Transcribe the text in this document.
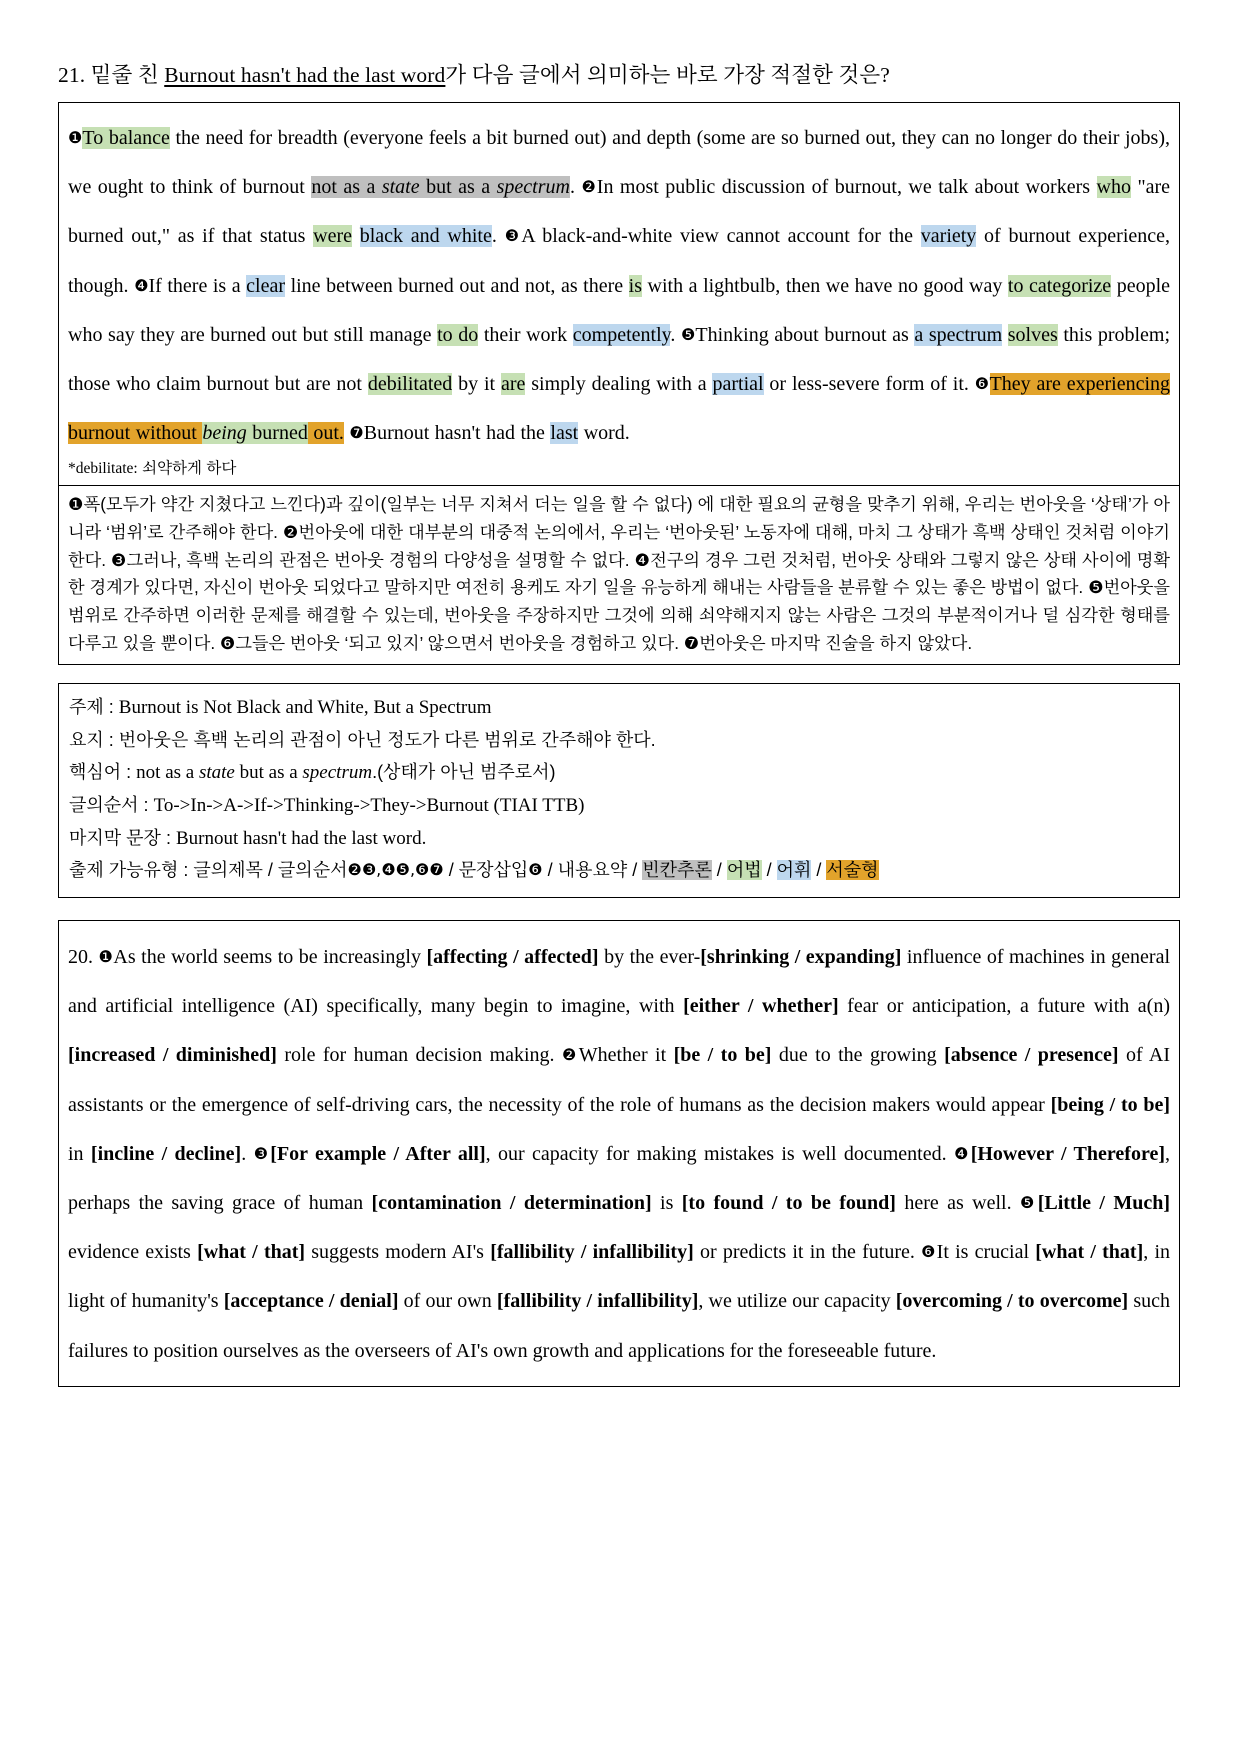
21. 밑줄 친 Burnout hasn't had the last word가 다음 글에서 의미하는 바로 가장 적절한 것은?
❶To balance the need for breadth (everyone feels a bit burned out) and depth (some are so burned out, they can no longer do their jobs), we ought to think of burnout not as a state but as a spectrum. ❷In most public discussion of burnout, we talk about workers who "are burned out," as if that status were black and white. ❸A black-and-white view cannot account for the variety of burnout experience, though. ❹If there is a clear line between burned out and not, as there is with a lightbulb, then we have no good way to categorize people who say they are burned out but still manage to do their work competently. ❺Thinking about burnout as a spectrum solves this problem; those who claim burnout but are not debilitated by it are simply dealing with a partial or less-severe form of it. ❻They are experiencing burnout without being burned out. ❼Burnout hasn't had the last word.
*debilitate: 쇠약하게 하다

❶폭(모두가 약간 지쳤다고 느낀다)과 깊이(일부는 너무 지쳐서 더는 일을 할 수 없다) 에 대한 필요의 균형을 맞추기 위해, 우리는 번아웃을 ‘상태’가 아니라 ‘범위’로 간주해야 한다. ❷번아웃에 대한 대부분의 대중적 논의에서, 우리는 ‘번아웃된’ 노동자에 대해, 마치 그 상태가 흑백 상태인 것처럼 이야기한다. ❸그러나, 흑백 논리의 관점은 번아웃 경험의 다양성을 설명할 수 없다. ❹전구의 경우 그런 것처럼, 번아웃 상태와 그렇지 않은 상태 사이에 명확한 경계가 있다면, 자신이 번아웃 되었다고 말하지만 여전히 용케도 자기 일을 유능하게 해내는 사람들을 분류할 수 있는 좋은 방법이 없다. ❺번아웃을 범위로 간주하면 이러한 문제를 해결할 수 있는데, 번아웃을 주장하지만 그것에 의해 쇠약해지지 않는 사람은 그것의 부분적이거나 덜 심각한 형태를 다루고 있을 뿐이다. ❻그들은 번아웃 ‘되고 있지’ 않으면서 번아웃을 경험하고 있다. ❼번아웃은 마지막 진술을 하지 않았다.

주제 : Burnout is Not Black and White, But a Spectrum
요지 : 번아웃은 흑백 논리의 관점이 아닌 정도가 다른 범위로 간주해야 한다.
핵심어 : not as a state but as a spectrum.(상태가 아닌 범주로서)
글의순서 : To->In->A->If->Thinking->They->Burnout (TIAI TTB)
마지막 문장 : Burnout hasn't had the last word.
출제 가능유형 : 글의제목 / 글의순서❷❸,❹❺,❻❼ / 문장삽입❻ / 내용요약 / 빈칸추론 / 어법 / 어휘 / 서술형
20. ❶As the world seems to be increasingly [affecting / affected] by the ever-[shrinking / expanding] influence of machines in general and artificial intelligence (AI) specifically, many begin to imagine, with [either / whether] fear or anticipation, a future with a(n) [increased / diminished] role for human decision making. ❷Whether it [be / to be] due to the growing [absence / presence] of AI assistants or the emergence of self-driving cars, the necessity of the role of humans as the decision makers would appear [being / to be] in [incline / decline]. ❸[For example / After all], our capacity for making mistakes is well documented. ❹[However / Therefore], perhaps the saving grace of human [contamination / determination] is [to found / to be found] here as well. ❺[Little / Much] evidence exists [what / that] suggests modern AI's [fallibility / infallibility] or predicts it in the future. ❻It is crucial [what / that], in light of humanity's [acceptance / denial] of our own [fallibility / infallibility], we utilize our capacity [overcoming / to overcome] such failures to position ourselves as the overseers of AI's own growth and applications for the foreseeable future.
